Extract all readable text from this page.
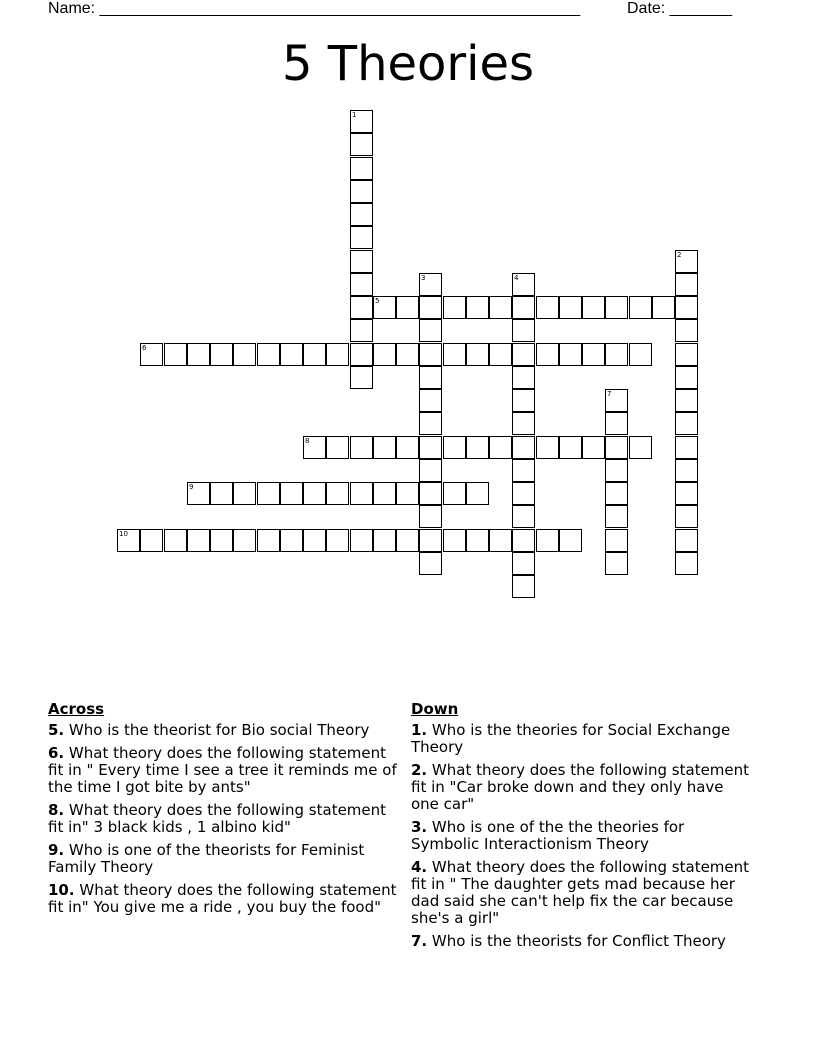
Name: ______________________________________________________	Date: _______
5 Theories
1
2
3	4
5
6
7
8
9
10
Across
5. Who is the theorist for Bio social Theory
6. What theory does the following statement fit in " Every time I see a tree it reminds me of the time I got bite by ants"
8. What theory does the following statement fit in" 3 black kids , 1 albino kid"
9. Who is one of the theorists for Feminist Family Theory
10. What theory does the following statement fit in" You give me a ride , you buy the food"
Down
1. Who is the theories for Social Exchange Theory
2. What theory does the following statement fit in "Car broke down and they only have one car"
3. Who is one of the the theories for Symbolic Interactionism Theory
4. What theory does the following statement fit in " The daughter gets mad because her dad said she can't help fix the car because she's a girl"
7. Who is the theorists for Conflict Theory
